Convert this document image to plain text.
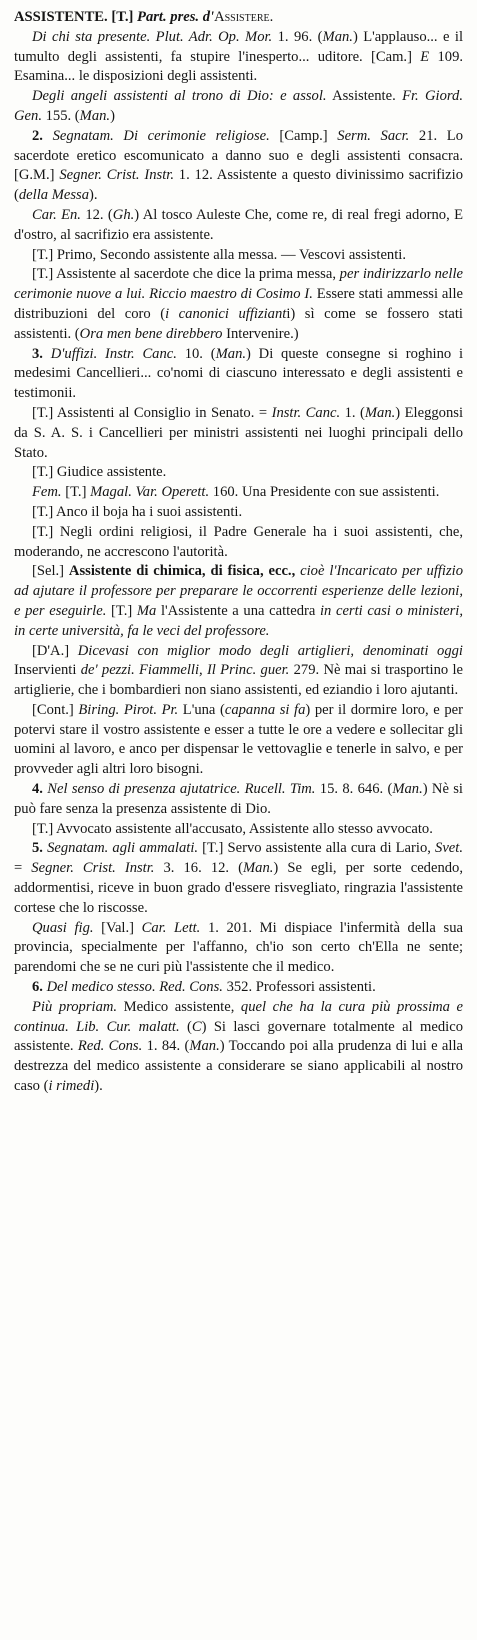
ASSISTENTE. [T.] Part. pres. d'Assistere.

Di chi sta presente. Plut. Adr. Op. Mor. 1. 96. (Man.) L'applauso... e il tumulto degli assistenti, fa stupire l'inesperto... uditore. [Cam.] E 109. Esamina... le disposizioni degli assistenti.

Degli angeli assistenti al trono di Dio: e assol. Assistente. Fr. Giord. Gen. 155. (Man.)

2. Segnatam. Di cerimonie religiose. [Camp.] Serm. Sacr. 21. Lo sacerdote eretico escomunicato a danno suo e degli assistenti consacra. [G.M.] Segner. Crist. Instr. 1. 12. Assistente a questo divinissimo sacrifizio (della Messa).

Car. En. 12. (Gh.) Al tosco Auleste Che, come re, di real fregi adorno, E d'ostro, al sacrifizio era assistente.

[T.] Primo, Secondo assistente alla messa. — Vescovi assistenti.

[T.] Assistente al sacerdote che dice la prima messa, per indirizzarlo nelle cerimonie nuove a lui. Riccio maestro di Cosimo I. Essere stati ammessi alle distribuzioni del coro (i canonici uffizianti) sì come se fossero stati assistenti. (Ora men bene direbbero Intervenire.)

3. D'uffizi. Instr. Canc. 10. (Man.) Di queste consegne si roghino i medesimi Cancellieri... co'nomi di ciascuno interessato e degli assistenti e testimonii.

[T.] Assistenti al Consiglio in Senato. = Instr. Canc. 1. (Man.) Eleggonsi da S. A. S. i Cancellieri per ministri assistenti nei luoghi principali dello Stato.

[T.] Giudice assistente.

Fem. [T.] Magal. Var. Operett. 160. Una Presidente con sue assistenti.

[T.] Anco il boja ha i suoi assistenti.

[T.] Negli ordini religiosi, il Padre Generale ha i suoi assistenti, che, moderando, ne accrescono l'autorità.

[Sel.] Assistente di chimica, di fisica, ecc., cioè l'Incaricato per uffizio ad ajutare il professore per preparare le occorrenti esperienze delle lezioni, e per eseguirle. [T.] Ma l'Assistente a una cattedra in certi casi o ministeri, in certe università, fa le veci del professore.

[D'A.] Dicevasi con miglior modo degli artiglieri, denominati oggi Inservienti de' pezzi. Fiammelli, Il Princ. guer. 279. Nè mai si trasportino le artiglierie, che i bombardieri non siano assistenti, ed eziandio i loro ajutanti.

[Cont.] Biring. Pirot. Pr. L'una (capanna si fa) per il dormire loro, e per potervi stare il vostro assistente e esser a tutte le ore a vedere e sollecitar gli uomini al lavoro, e anco per dispensar le vettovaglie e tenerle in salvo, e per provveder agli altri loro bisogni.

4. Nel senso di presenza ajutatrice. Rucell. Tim. 15. 8. 646. (Man.) Nè si può fare senza la presenza assistente di Dio.

[T.] Avvocato assistente all'accusato, Assistente allo stesso avvocato.

5. Segnatam. agli ammalati. [T.] Servo assistente alla cura di Lario, Svet. = Segner. Crist. Instr. 3. 16. 12. (Man.) Se egli, per sorte cedendo, addormentisi, riceve in buon grado d'essere risvegliato, ringrazia l'assistente cortese che lo riscosse.

Quasi fig. [Val.] Car. Lett. 1. 201. Mi dispiace l'infermità della sua provincia, specialmente per l'affanno, ch'io son certo ch'Ella ne sente; parendomi che se ne curi più l'assistente che il medico.

6. Del medico stesso. Red. Cons. 352. Professori assistenti.

Più propriam. Medico assistente, quel che ha la cura più prossima e continua. Lib. Cur. malatt. (C) Si lasci governare totalmente al medico assistente. Red. Cons. 1. 84. (Man.) Toccando poi alla prudenza di lui e alla destrezza del medico assistente a considerare se siano applicabili al nostro caso (i rimedi).
